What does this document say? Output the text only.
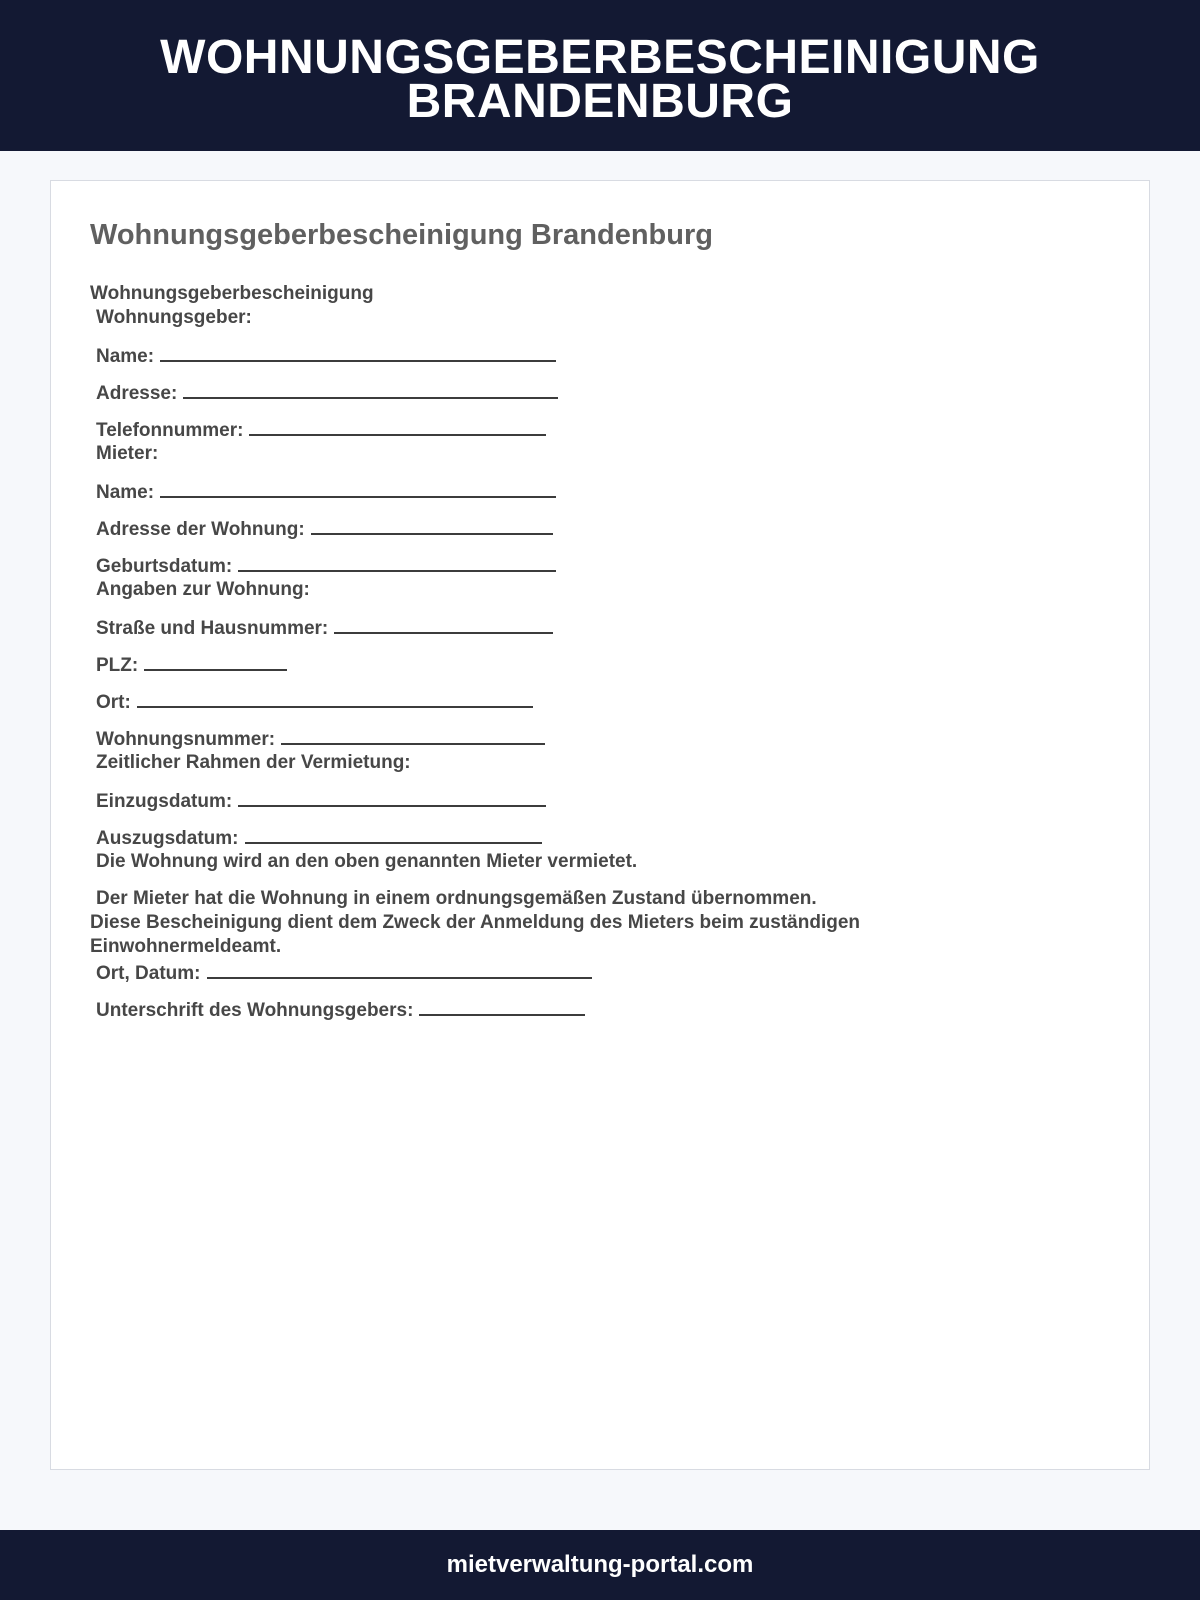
WOHNUNGSGEBERBESCHEINIGUNG BRANDENBURG
Wohnungsgeberbescheinigung Brandenburg
Wohnungsgeberbescheinigung
Wohnungsgeber:
Name:
Adresse:
Telefonnummer:
Mieter:
Name:
Adresse der Wohnung:
Geburtsdatum:
Angaben zur Wohnung:
Straße und Hausnummer:
PLZ:
Ort:
Wohnungsnummer:
Zeitlicher Rahmen der Vermietung:
Einzugsdatum:
Auszugsdatum:
Die Wohnung wird an den oben genannten Mieter vermietet.
Der Mieter hat die Wohnung in einem ordnungsgemäßen Zustand übernommen.
Diese Bescheinigung dient dem Zweck der Anmeldung des Mieters beim zuständigen
Einwohnermeldeamt.
Ort, Datum:
Unterschrift des Wohnungsgebers:
mietverwaltung-portal.com
